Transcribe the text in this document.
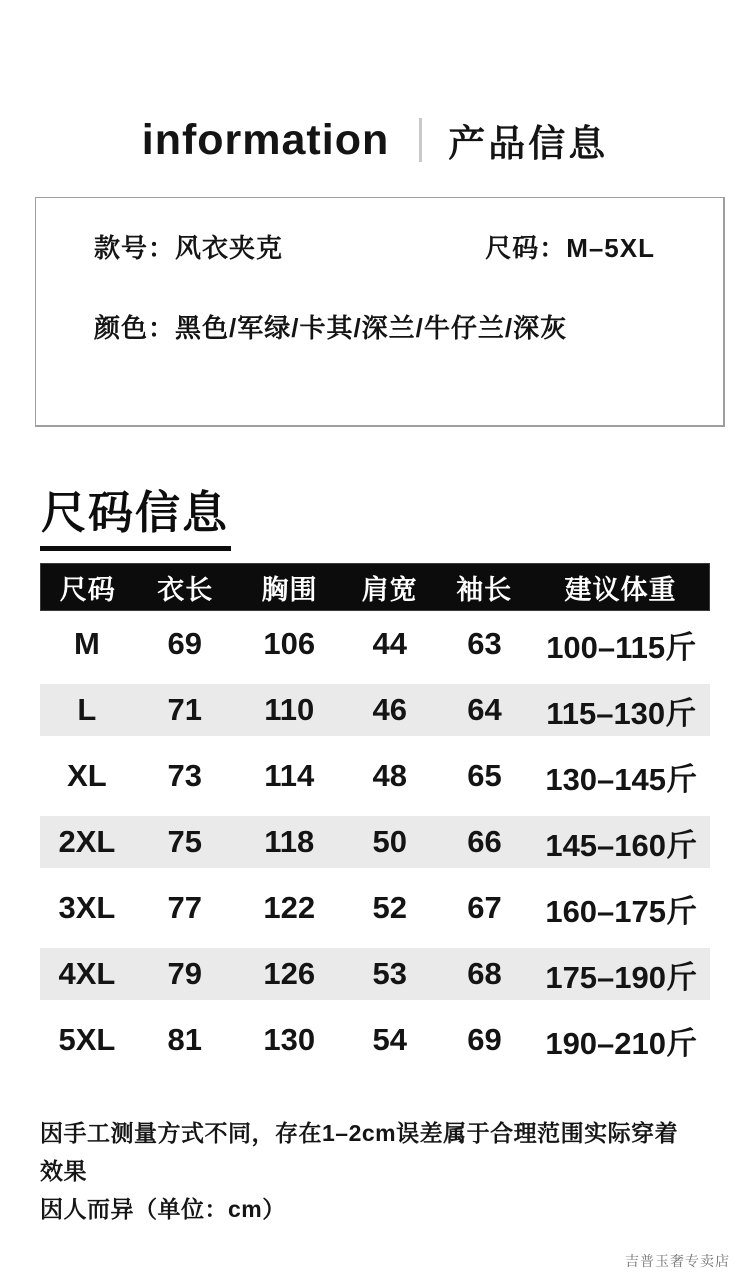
information 产品信息
款号：风衣夹克	尺码：M–5XL
颜色：黑色/军绿/卡其/深兰/牛仔兰/深灰
尺码信息
尺码	衣长	胸围	肩宽	袖长	建议体重
M	69	106	44	63	100–115斤
L	71	110	46	64	115–130斤
XL	73	114	48	65	130–145斤
2XL	75	118	50	66	145–160斤
3XL	77	122	52	67	160–175斤
4XL	79	126	53	68	175–190斤
5XL	81	130	54	69	190–210斤
因手工测量方式不同，存在1–2cm误差属于合理范围实际穿着效果
因人而异（单位：cm）
吉普玉奢专卖店
